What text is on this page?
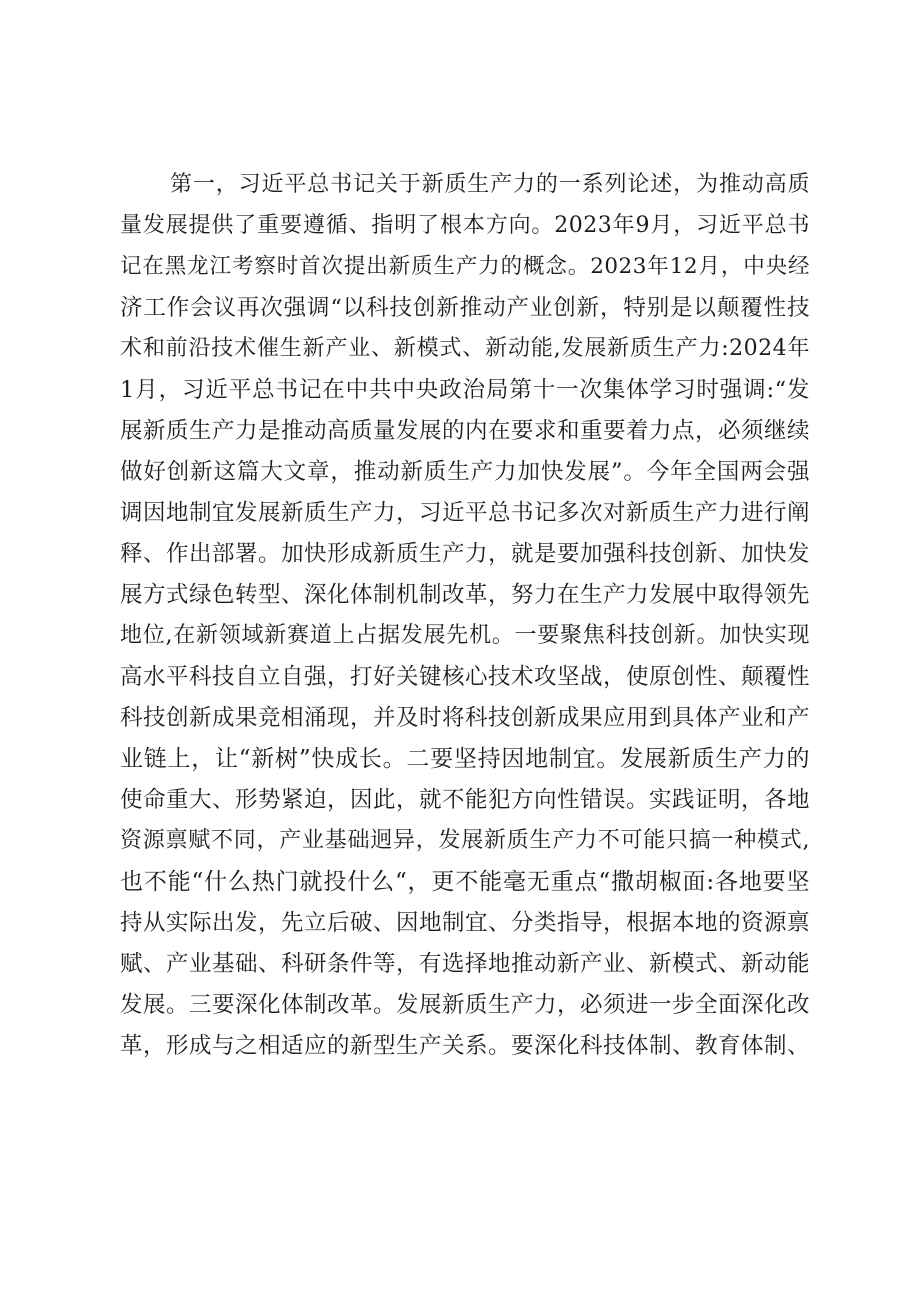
第一，习近平总书记关于新质生产力的一系列论述，为推动高质
量发展提供了重要遵循、指明了根本方向。2023年9月，习近平总书
记在黑龙江考察时首次提出新质生产力的概念。2023年12月，中央经
济工作会议再次强调“以科技创新推动产业创新，特别是以颠覆性技
术和前沿技术催生新产业、新模式、新动能,发展新质生产力:2024年
1月，习近平总书记在中共中央政治局第十一次集体学习时强调:“发
展新质生产力是推动高质量发展的内在要求和重要着力点，必须继续
做好创新这篇大文章，推动新质生产力加快发展”。今年全国两会强
调因地制宜发展新质生产力，习近平总书记多次对新质生产力进行阐
释、作出部署。加快形成新质生产力，就是要加强科技创新、加快发
展方式绿色转型、深化体制机制改革，努力在生产力发展中取得领先
地位,在新领域新赛道上占据发展先机。一要聚焦科技创新。加快实现
高水平科技自立自强，打好关键核心技术攻坚战，使原创性、颠覆性
科技创新成果竞相涌现，并及时将科技创新成果应用到具体产业和产
业链上，让“新树”快成长。二要坚持因地制宜。发展新质生产力的
使命重大、形势紧迫，因此，就不能犯方向性错误。实践证明，各地
资源禀赋不同，产业基础迥异，发展新质生产力不可能只搞一种模式,
也不能“什么热门就投什么“，更不能毫无重点“撒胡椒面:各地要坚
持从实际出发，先立后破、因地制宜、分类指导，根据本地的资源禀
赋、产业基础、科研条件等，有选择地推动新产业、新模式、新动能
发展。三要深化体制改革。发展新质生产力，必须进一步全面深化改
革，形成与之相适应的新型生产关系。要深化科技体制、教育体制、
